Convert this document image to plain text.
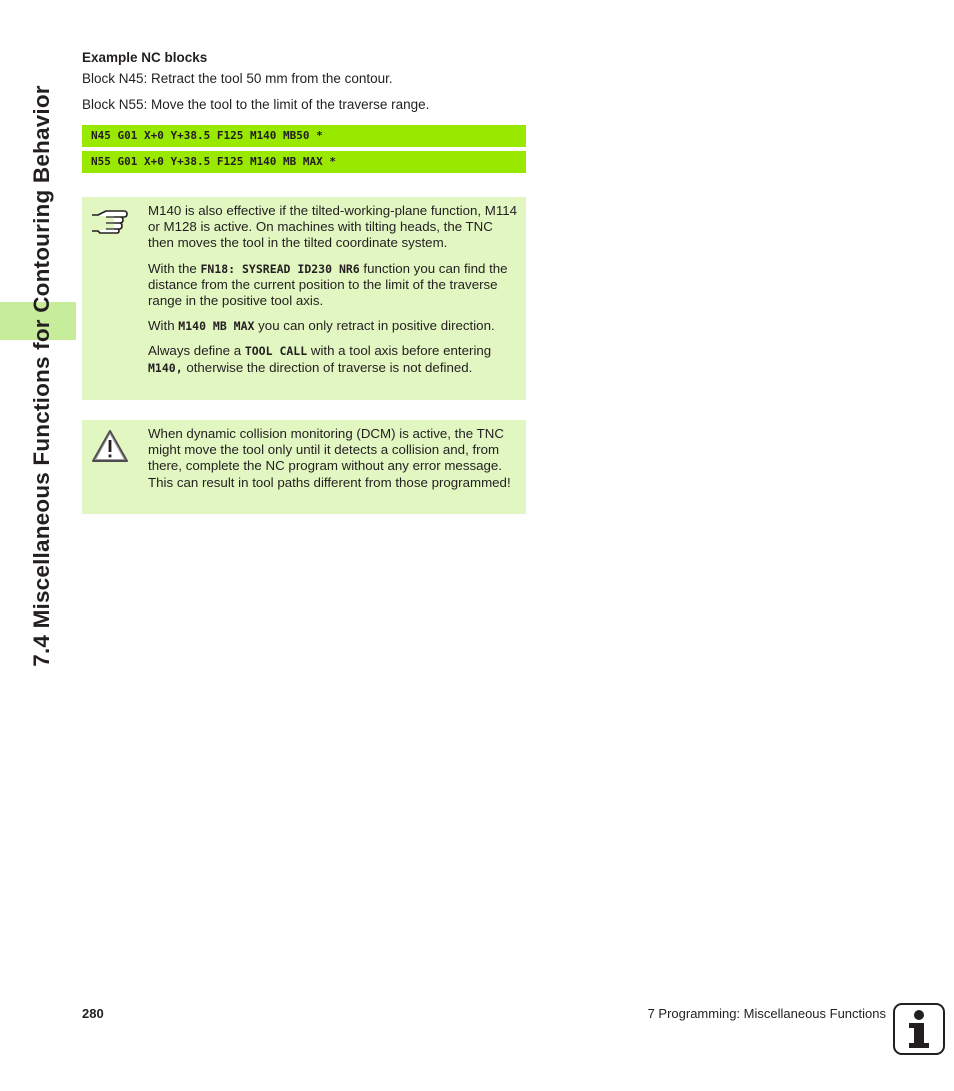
7.4 Miscellaneous Functions for Contouring Behavior
Example NC blocks
Block N45: Retract the tool 50 mm from the contour.
Block N55: Move the tool to the limit of the traverse range.
N45 G01 X+0 Y+38.5 F125 M140 MB50 *
N55 G01 X+0 Y+38.5 F125 M140 MB MAX *

M140 is also effective if the tilted-working-plane function, M114 or M128 is active. On machines with tilting heads, the TNC then moves the tool in the tilted coordinate system.

With the FN18: SYSREAD ID230 NR6 function you can find the distance from the current position to the limit of the traverse range in the positive tool axis.

With M140 MB MAX you can only retract in positive direction.

Always define a TOOL CALL with a tool axis before entering M140, otherwise the direction of traverse is not defined.

When dynamic collision monitoring (DCM) is active, the TNC might move the tool only until it detects a collision and, from there, complete the NC program without any error message. This can result in tool paths different from those programmed!
280	7 Programming: Miscellaneous Functions
